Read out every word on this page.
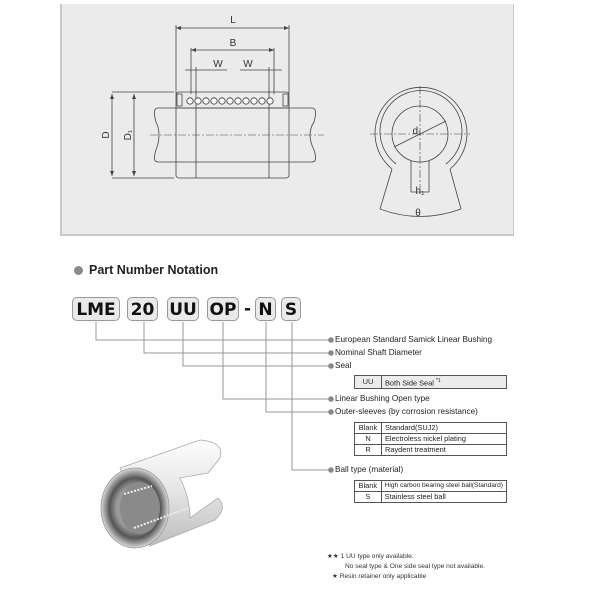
L
B
W W
D D₁	d₁
h₁
θ
Part Number Notation
LME 20 UU OP - N S
European Standard Samick Linear Bushing
Nominal Shaft Diameter
Seal
UU	Both Side Seal $^{*1}$
Linear Bushing Open type
Outer-sleeves (by corrosion resistance)
Blank	Standard(SUJ2)
N	Electroless nickel plating
R	Raydent treatment
Ball type (material)
Blank	High carbon bearing steel ball(Standard)
S	Stainless steel ball
★★ 1 UU type only available.
No seal type & One side seal type not available.
★ Resin retainer only applicable
